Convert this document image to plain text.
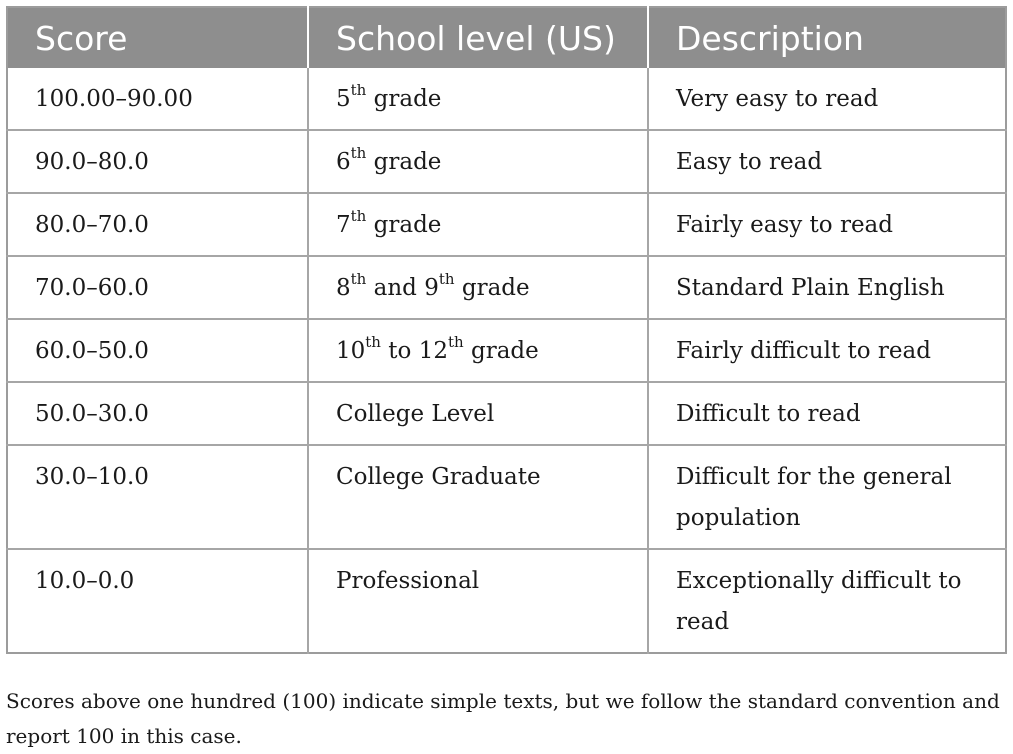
Score	School level (US)	Description
100.00–90.00	5th grade	Very easy to read
90.0–80.0	6th grade	Easy to read
80.0–70.0	7th grade	Fairly easy to read
70.0–60.0	8th and 9th grade	Standard Plain English
60.0–50.0	10th to 12th grade	Fairly difficult to read
50.0–30.0	College Level	Difficult to read
30.0–10.0	College Graduate	Difficult for the general population
10.0–0.0	Professional	Exceptionally difficult to read

Scores above one hundred (100) indicate simple texts, but we follow the standard convention and report 100 in this case.
